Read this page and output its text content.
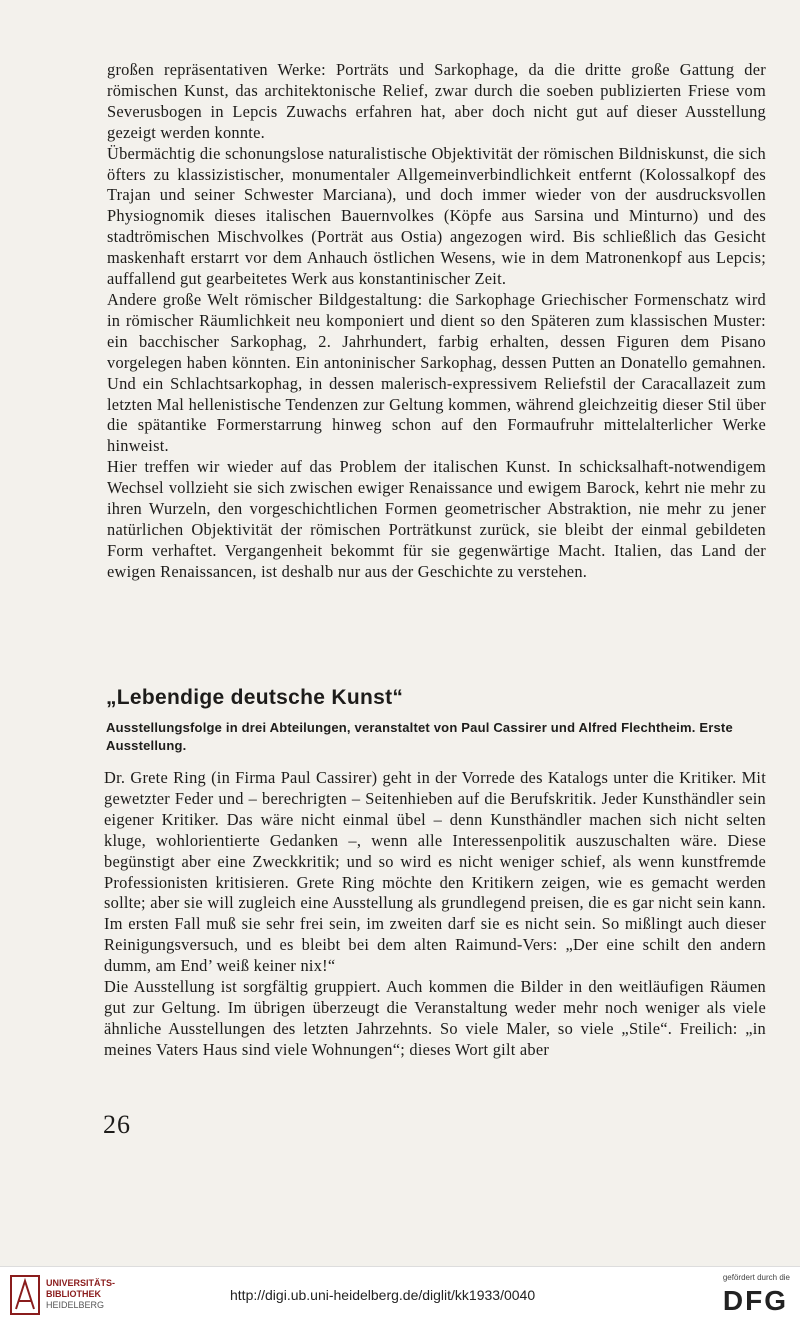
großen repräsentativen Werke: Porträts und Sarkophage, da die dritte große Gattung der römischen Kunst, das architektonische Relief, zwar durch die soeben publizierten Friese vom Severusbogen in Lepcis Zuwachs erfahren hat, aber doch nicht gut auf dieser Ausstellung gezeigt werden konnte.

Übermächtig die schonungslose naturalistische Objektivität der römischen Bildniskunst, die sich öfters zu klassizistischer, monumentaler Allgemeinverbindlichkeit entfernt (Kolossalkopf des Trajan und seiner Schwester Marciana), und doch immer wieder von der ausdrucksvollen Physiognomik dieses italischen Bauernvolkes (Köpfe aus Sarsina und Minturno) und des stadtrömischen Mischvolkes (Porträt aus Ostia) angezogen wird. Bis schließlich das Gesicht maskenhaft erstarrt vor dem Anhauch östlichen Wesens, wie in dem Matronenkopf aus Lepcis; auffallend gut gearbeitetes Werk aus konstantinischer Zeit.

Andere große Welt römischer Bildgestaltung: die Sarkophage Griechischer Formenschatz wird in römischer Räumlichkeit neu komponiert und dient so den Späteren zum klassischen Muster: ein bacchischer Sarkophag, 2. Jahrhundert, farbig erhalten, dessen Figuren dem Pisano vorgelegen haben könnten. Ein antoninischer Sarkophag, dessen Putten an Donatello gemahnen. Und ein Schlachtsarkophag, in dessen malerisch-expressivem Reliefstil der Caracallazeit zum letzten Mal hellenistische Tendenzen zur Geltung kommen, während gleichzeitig dieser Stil über die spätantike Formerstarrung hinweg schon auf den Formaufruhr mittelalterlicher Werke hinweist.

Hier treffen wir wieder auf das Problem der italischen Kunst. In schicksalhaft-notwendigem Wechsel vollzieht sie sich zwischen ewiger Renaissance und ewigem Barock, kehrt nie mehr zu ihren Wurzeln, den vorgeschichtlichen Formen geometrischer Abstraktion, nie mehr zu jener natürlichen Objektivität der römischen Porträtkunst zurück, sie bleibt der einmal gebildeten Form verhaftet. Vergangenheit bekommt für sie gegenwärtige Macht. Italien, das Land der ewigen Renaissancen, ist deshalb nur aus der Geschichte zu verstehen.

„Lebendige deutsche Kunst“
Ausstellungsfolge in drei Abteilungen, veranstaltet von Paul Cassirer und Alfred Flechtheim. Erste Ausstellung.

Dr. Grete Ring (in Firma Paul Cassirer) geht in der Vorrede des Katalogs unter die Kritiker. Mit gewetzter Feder und – berechrigten – Seitenhieben auf die Berufskritik. Jeder Kunsthändler sein eigener Kritiker. Das wäre nicht einmal übel – denn Kunsthändler machen sich nicht selten kluge, wohlorientierte Gedanken –, wenn alle Interessenpolitik auszuschalten wäre. Diese begünstigt aber eine Zweckkritik; und so wird es nicht weniger schief, als wenn kunstfremde Professionisten kritisieren. Grete Ring möchte den Kritikern zeigen, wie es gemacht werden sollte; aber sie will zugleich eine Ausstellung als grundlegend preisen, die es gar nicht sein kann. Im ersten Fall muß sie sehr frei sein, im zweiten darf sie es nicht sein. So mißlingt auch dieser Reinigungsversuch, und es bleibt bei dem alten Raimund-Vers: „Der eine schilt den andern dumm, am End’ weiß keiner nix!“

Die Ausstellung ist sorgfältig gruppiert. Auch kommen die Bilder in den weitläufigen Räumen gut zur Geltung. Im übrigen überzeugt die Veranstaltung weder mehr noch weniger als viele ähnliche Ausstellungen des letzten Jahrzehnts. So viele Maler, so viele „Stile“. Freilich: „in meines Vaters Haus sind viele Wohnungen“; dieses Wort gilt aber

26
UNIVERSITÄTS-
BIBLIOTHEK
HEIDELBERG
http://digi.ub.uni-heidelberg.de/diglit/kk1933/0040
gefördert durch die
DFG
